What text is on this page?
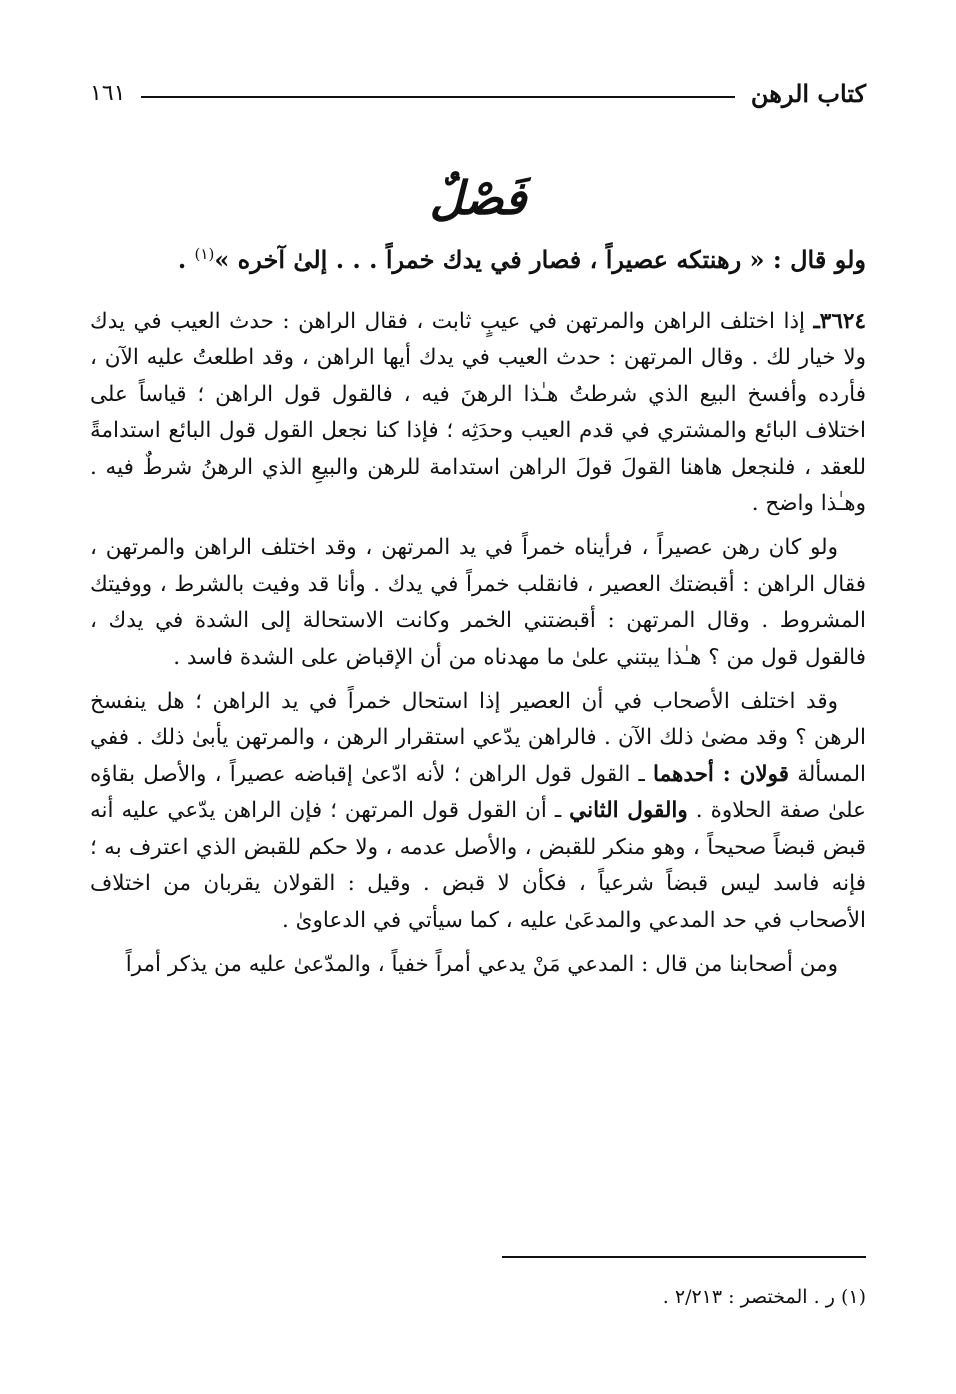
كتاب الرهن
١٦١
فَصْلٌ
ولو قال : « رهنتكه عصيراً ، فصار في يدك خمراً . . . إلىٰ آخره »$^{(١)}$ .

٣٦٢٤ـ إذا اختلف الراهن والمرتهن في عيبٍ ثابت ، فقال الراهن : حدث العيب في يدك ولا خيار لك . وقال المرتهن : حدث العيب في يدك أيها الراهن ، وقد اطلعتُ عليه الآن ، فأرده وأفسخ البيع الذي شرطتُ هـٰذا الرهنَ فيه ، فالقول قول الراهن ؛ قياساً على اختلاف البائع والمشتري في قدم العيب وحدَثِه ؛ فإذا كنا نجعل القول قول البائع استدامةً للعقد ، فلنجعل هاهنا القولَ قولَ الراهن استدامة للرهن والبيعِ الذي الرهنُ شرطٌ فيه . وهـٰذا واضح .

ولو كان رهن عصيراً ، فرأيناه خمراً في يد المرتهن ، وقد اختلف الراهن والمرتهن ، فقال الراهن : أقبضتك العصير ، فانقلب خمراً في يدك . وأنا قد وفيت بالشرط ، ووفيتك المشروط . وقال المرتهن : أقبضتني الخمر وكانت الاستحالة إلى الشدة في يدك ، فالقول قول من ؟ هـٰذا يبتني علىٰ ما مهدناه من أن الإقباض على الشدة فاسد .

وقد اختلف الأصحاب في أن العصير إذا استحال خمراً في يد الراهن ؛ هل ينفسخ الرهن ؟ وقد مضىٰ ذلك الآن . فالراهن يدّعي استقرار الرهن ، والمرتهن يأبىٰ ذلك . ففي المسألة قولان : أحدهما ـ القول قول الراهن ؛ لأنه ادّعىٰ إقباضه عصيراً ، والأصل بقاؤه علىٰ صفة الحلاوة . والقول الثاني ـ أن القول قول المرتهن ؛ فإن الراهن يدّعي عليه أنه قبض قبضاً صحيحاً ، وهو منكر للقبض ، والأصل عدمه ، ولا حكم للقبض الذي اعترف به ؛ فإنه فاسد ليس قبضاً شرعياً ، فكأن لا قبض . وقيل : القولان يقربان من اختلاف الأصحاب في حد المدعي والمدعَىٰ عليه ، كما سيأتي في الدعاوىٰ .

ومن أصحابنا من قال : المدعي مَنْ يدعي أمراً خفياً ، والمدّعىٰ عليه من يذكر أمراً

(١) ر . المختصر : ٢/٢١٣ .
